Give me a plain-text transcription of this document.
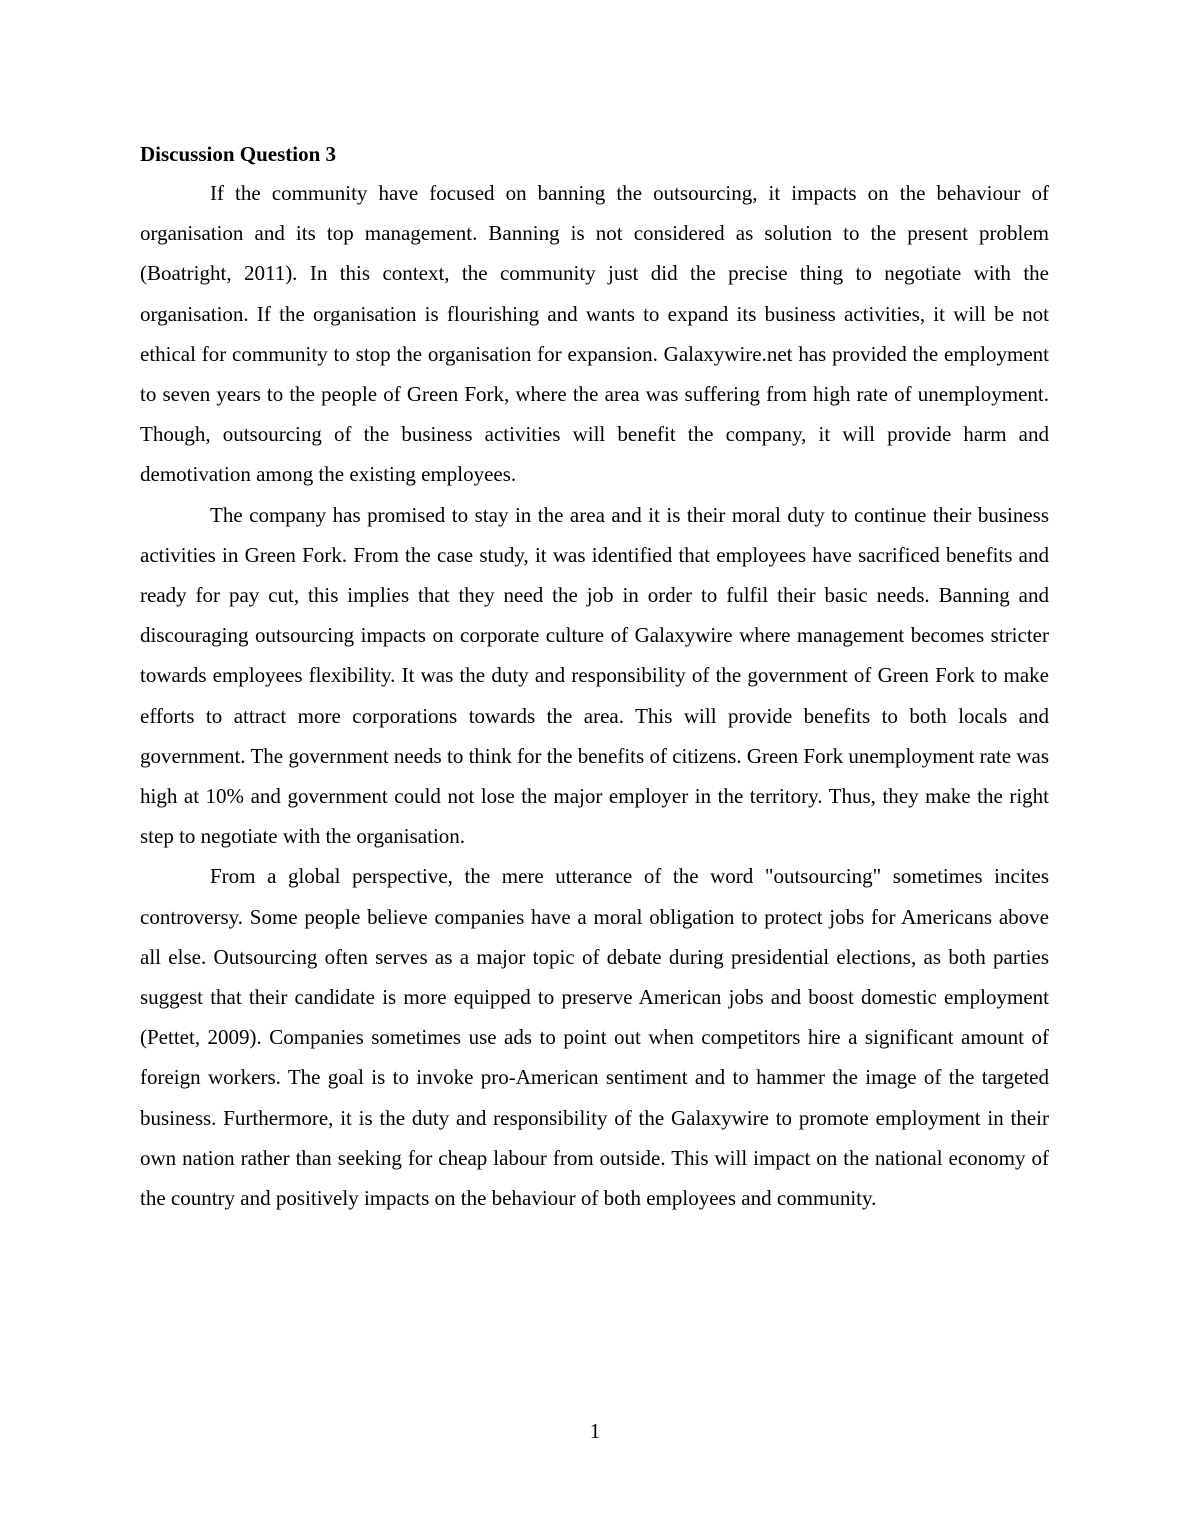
Discussion Question 3

If the community have focused on banning the outsourcing, it impacts on the behaviour of organisation and its top management. Banning is not considered as solution to the present problem (Boatright, 2011). In this context, the community just did the precise thing to negotiate with the organisation. If the organisation is flourishing and wants to expand its business activities, it will be not ethical for community to stop the organisation for expansion. Galaxywire.net has provided the employment to seven years to the people of Green Fork, where the area was suffering from high rate of unemployment. Though, outsourcing of the business activities will benefit the company, it will provide harm and demotivation among the existing employees.

The company has promised to stay in the area and it is their moral duty to continue their business activities in Green Fork. From the case study, it was identified that employees have sacrificed benefits and ready for pay cut, this implies that they need the job in order to fulfil their basic needs. Banning and discouraging outsourcing impacts on corporate culture of Galaxywire where management becomes stricter towards employees flexibility. It was the duty and responsibility of the government of Green Fork to make efforts to attract more corporations towards the area. This will provide benefits to both locals and government. The government needs to think for the benefits of citizens. Green Fork unemployment rate was high at 10% and government could not lose the major employer in the territory. Thus, they make the right step to negotiate with the organisation.

From a global perspective, the mere utterance of the word "outsourcing" sometimes incites controversy. Some people believe companies have a moral obligation to protect jobs for Americans above all else. Outsourcing often serves as a major topic of debate during presidential elections, as both parties suggest that their candidate is more equipped to preserve American jobs and boost domestic employment (Pettet, 2009). Companies sometimes use ads to point out when competitors hire a significant amount of foreign workers. The goal is to invoke pro-American sentiment and to hammer the image of the targeted business. Furthermore, it is the duty and responsibility of the Galaxywire to promote employment in their own nation rather than seeking for cheap labour from outside. This will impact on the national economy of the country and positively impacts on the behaviour of both employees and community.

1
